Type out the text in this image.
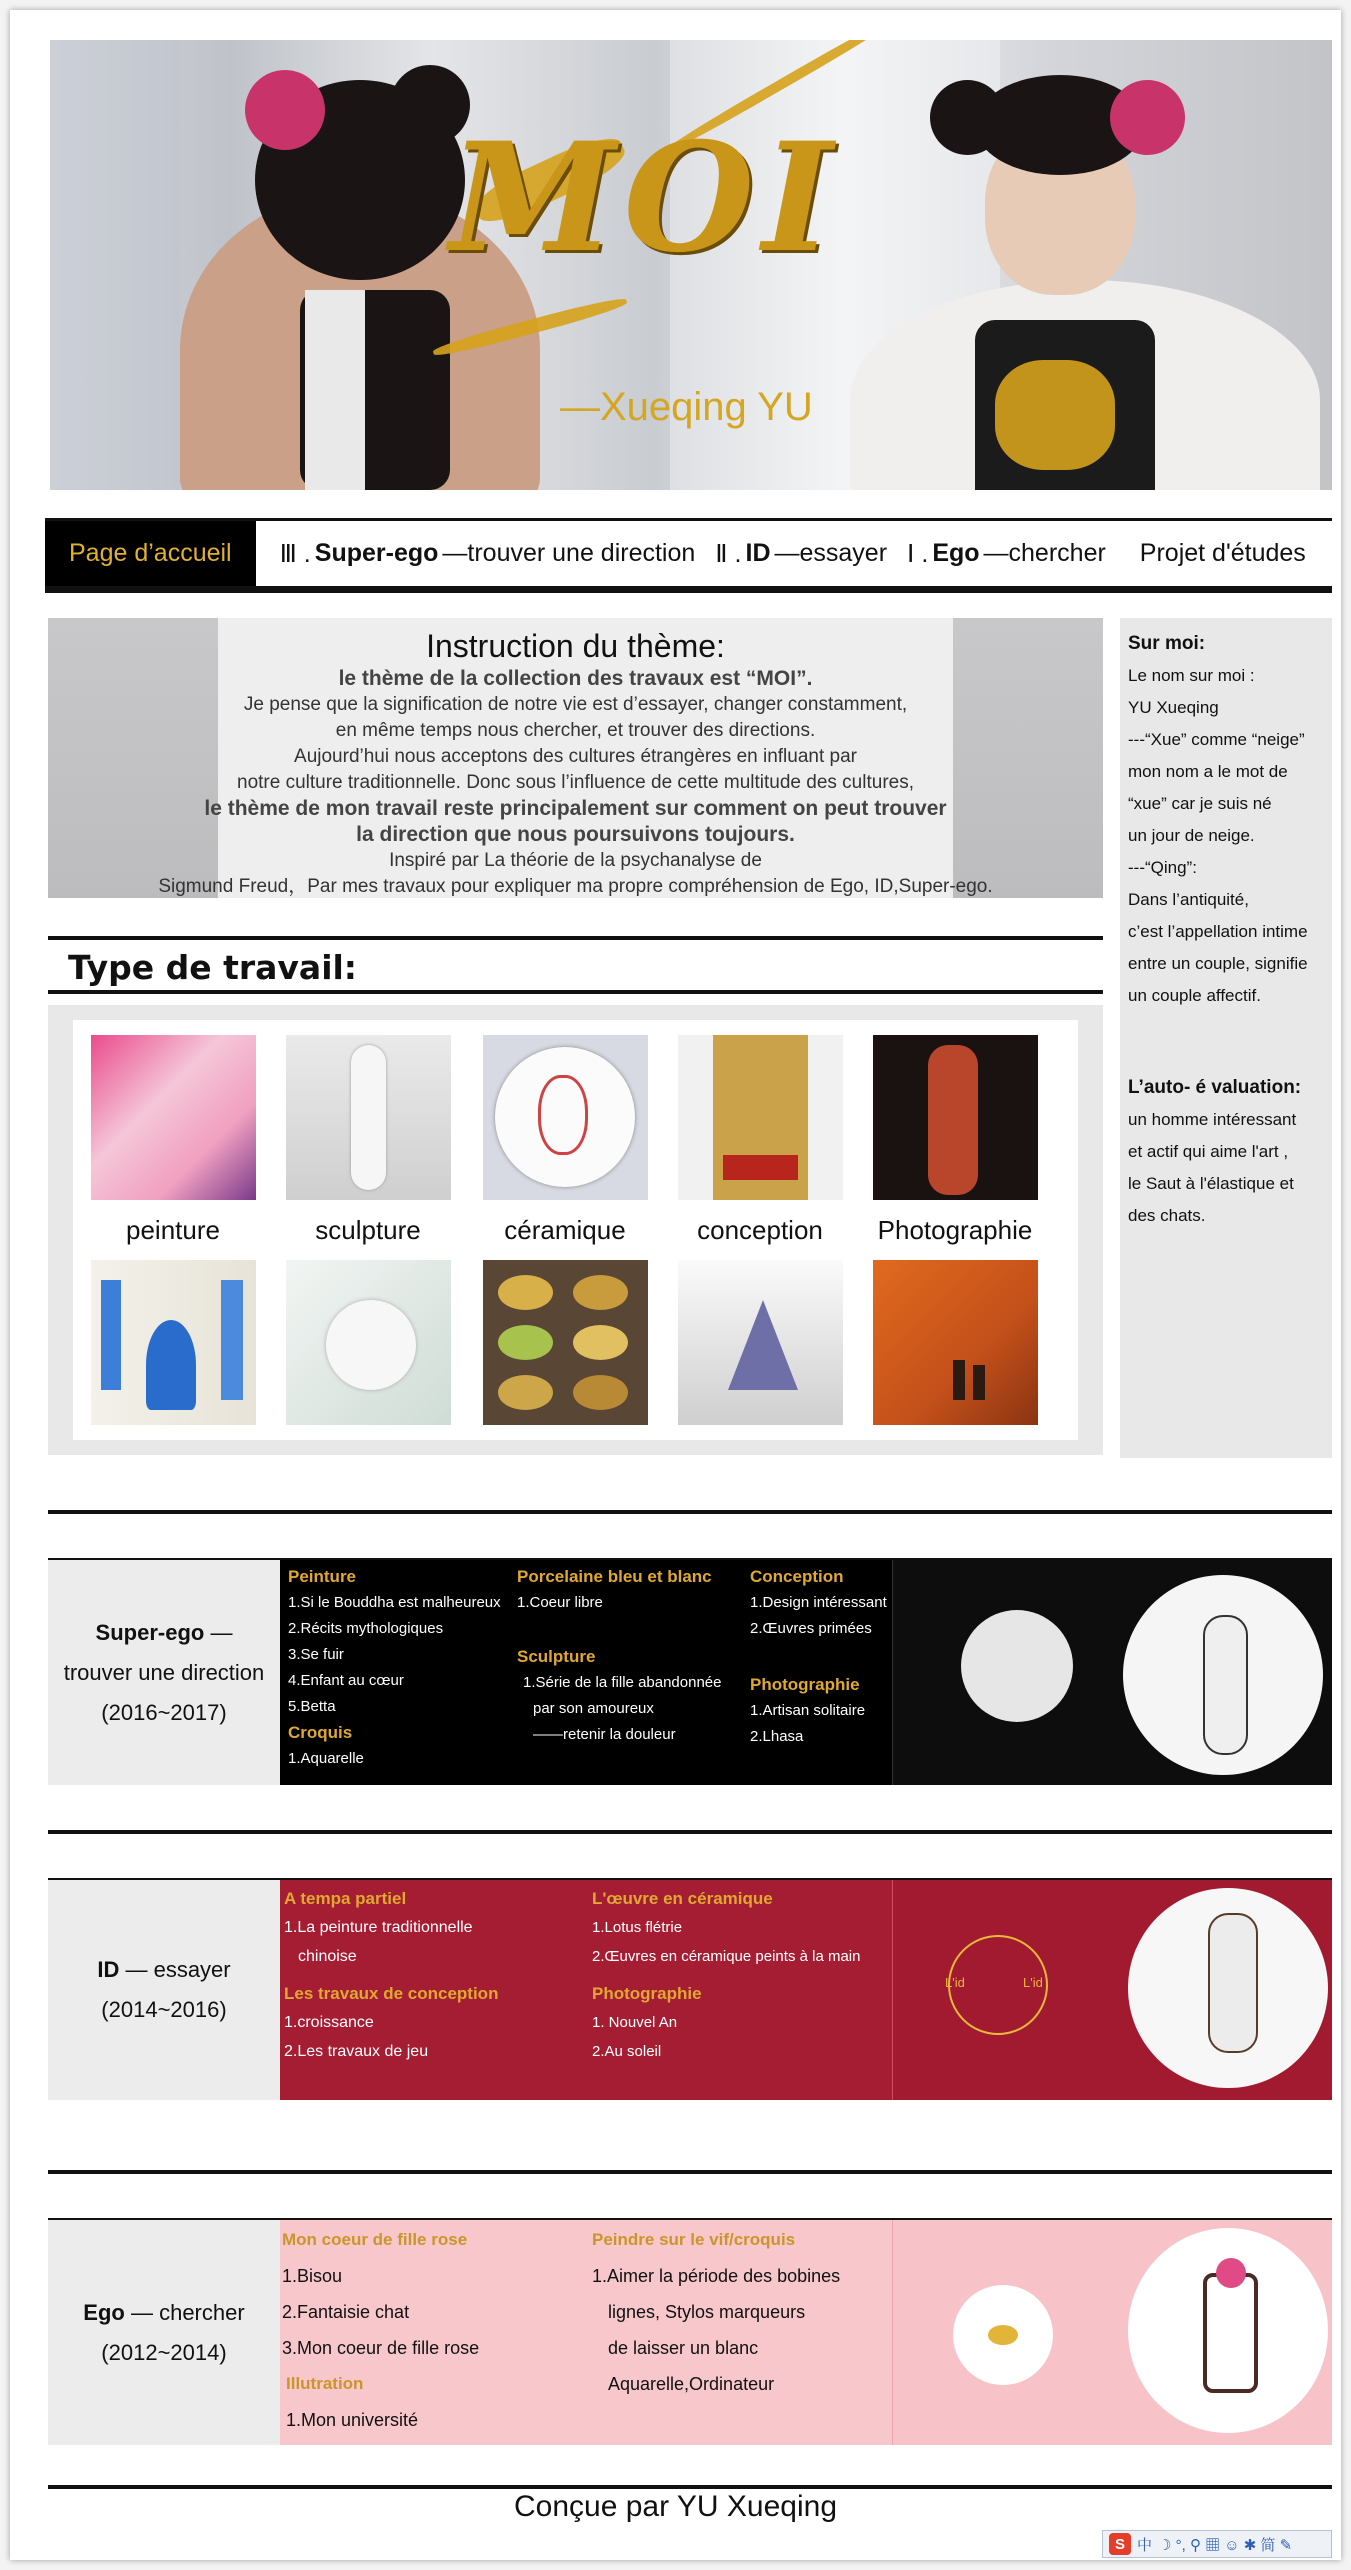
MOI
—Xueqing YU
Page d’accueil	Ⅲ . Super-ego —trouver une direction Ⅱ . ID —essayer Ⅰ . Ego —chercher Projet d'études
Instruction du thème:
le thème de la collection des travaux est “MOI”.
Je pense que la signification de notre vie est d’essayer, changer constamment,
en même temps nous chercher, et trouver des directions.
Aujourd’hui nous acceptons des cultures étrangères en influant par
notre culture traditionnelle. Donc sous l’influence de cette multitude des cultures,
le thème de mon travail reste principalement sur comment on peut trouver
la direction que nous poursuivons toujours.
Inspiré par La théorie de la psychanalyse de
Sigmund Freud，Par mes travaux pour expliquer ma propre compréhension de Ego, ID,Super-ego.
Sur moi:
Le nom sur moi :
YU Xueqing
---“Xue” comme “neige”
mon nom a le mot de
“xue” car je suis né
un jour de neige.
---“Qing”:
Dans l’antiquité,
c’est l’appellation intime
entre un couple, signifie
un couple affectif.
L’auto- é valuation:
un homme intéressant
et actif qui aime l'art ,
le Saut à l'élastique et
des chats.
Type de travail:
peinture	sculpture	céramique	conception	Photographie
Super-ego —
trouver une direction
(2016~2017)
Peinture
1.Si le Bouddha est malheureux
2.Récits mythologiques
3.Se fuir
4.Enfant au cœur
5.Betta
Croquis
1.Aquarelle
Porcelaine bleu et blanc
1.Coeur libre
Sculpture
1.Série de la fille abandonnée
par son amoureux
——retenir la douleur
Conception
1.Design intéressant
2.Œuvres primées
Photographie
1.Artisan solitaire
2.Lhasa
ID — essayer
(2014~2016)
A tempa partiel
1.La peinture traditionnelle
chinoise
Les travaux de conception
1.croissance
2.Les travaux de jeu
L'œuvre en céramique
1.Lotus flétrie
2.Œuvres en céramique peints à la main
Photographie
1. Nouvel An
2.Au soleil
L'id	L'id
Ego — chercher
(2012~2014)
Mon coeur de fille rose
1.Bisou
2.Fantaisie chat
3.Mon coeur de fille rose
Illutration
1.Mon université
Peindre sur le vif/croquis
1.Aimer la période des bobines
lignes, Stylos marqueurs
de laisser un blanc
Aquarelle,Ordinateur
Conçue par YU Xueqing
S 中 ☽ °, ⚲ ▦ ☺ ✱ 简 ✎
